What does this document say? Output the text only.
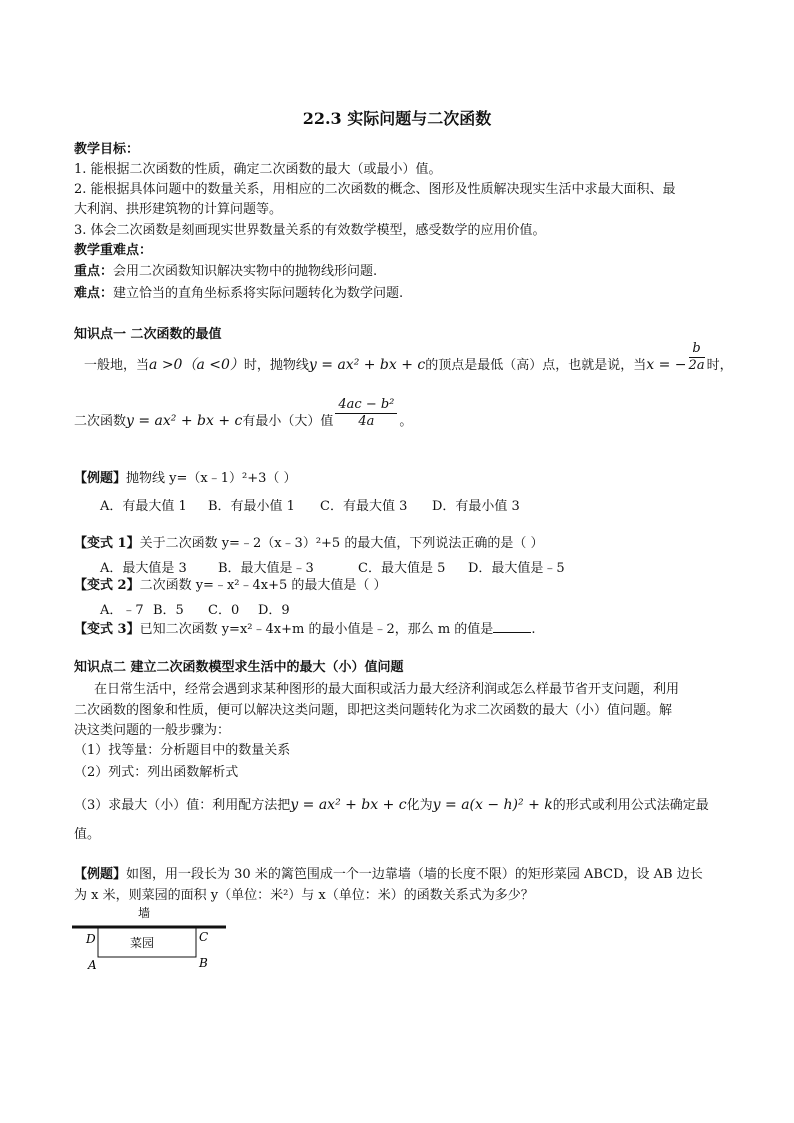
22.3 实际问题与二次函数
教学目标：
1. 能根据二次函数的性质，确定二次函数的最大（或最小）值。
2. 能根据具体问题中的数量关系，用相应的二次函数的概念、图形及性质解决现实生活中求最大面积、最
大利润、拱形建筑物的计算问题等。
3. 体会二次函数是刻画现实世界数量关系的有效数学模型，感受数学的应用价值。
教学重难点：
重点：会用二次函数知识解决实物中的抛物线形问题.
难点：建立恰当的直角坐标系将实际问题转化为数学问题.
知识点一 二次函数的最值
一般地，当a >0（a <0）时，抛物线y = ax² + bx + c的顶点是最低（高）点，也就是说，当x = − $\frac{b}{2a}$ 时，
二次函数y = ax² + bx + c有最小（大）值 $\frac{\text{4ac − b²}}{4a}$ 。
【例题】抛物线 y=（x﹣1）²+3（ ）
A．有最大值 1 B．有最小值 1 C．有最大值 3 D．有最小值 3
【变式 1】关于二次函数 y=﹣2（x﹣3）²+5 的最大值，下列说法正确的是（ ）
A．最大值是 3 B．最大值是﹣3	C．最大值是 5 D．最大值是﹣5
【变式 2】二次函数 y=﹣x²﹣4x+5 的最大值是（ ）
A．﹣7 B．5 C．0 D．9
【变式 3】已知二次函数 y=x²﹣4x+m 的最小值是﹣2，那么 m 的值是	.
知识点二 建立二次函数模型求生活中的最大（小）值问题
在日常生活中，经常会遇到求某种图形的最大面积或活力最大经济利润或怎么样最节省开支问题，利用
二次函数的图象和性质，便可以解决这类问题，即把这类问题转化为求二次函数的最大（小）值问题。解
决这类问题的一般步骤为：
（1）找等量：分析题目中的数量关系
（2）列式：列出函数解析式
（3）求最大（小）值：利用配方法把y = ax² + bx + c化为y = a(x − h)² + k的形式或利用公式法确定最
值。
【例题】如图，用一段长为 30 米的篱笆围成一个一边靠墙（墙的长度不限）的矩形菜园 ABCD，设 AB 边长
为 x 米，则菜园的面积 y（单位：米²）与 x（单位：米）的函数关系式为多少？
墙
菜园
D	C
A	B
